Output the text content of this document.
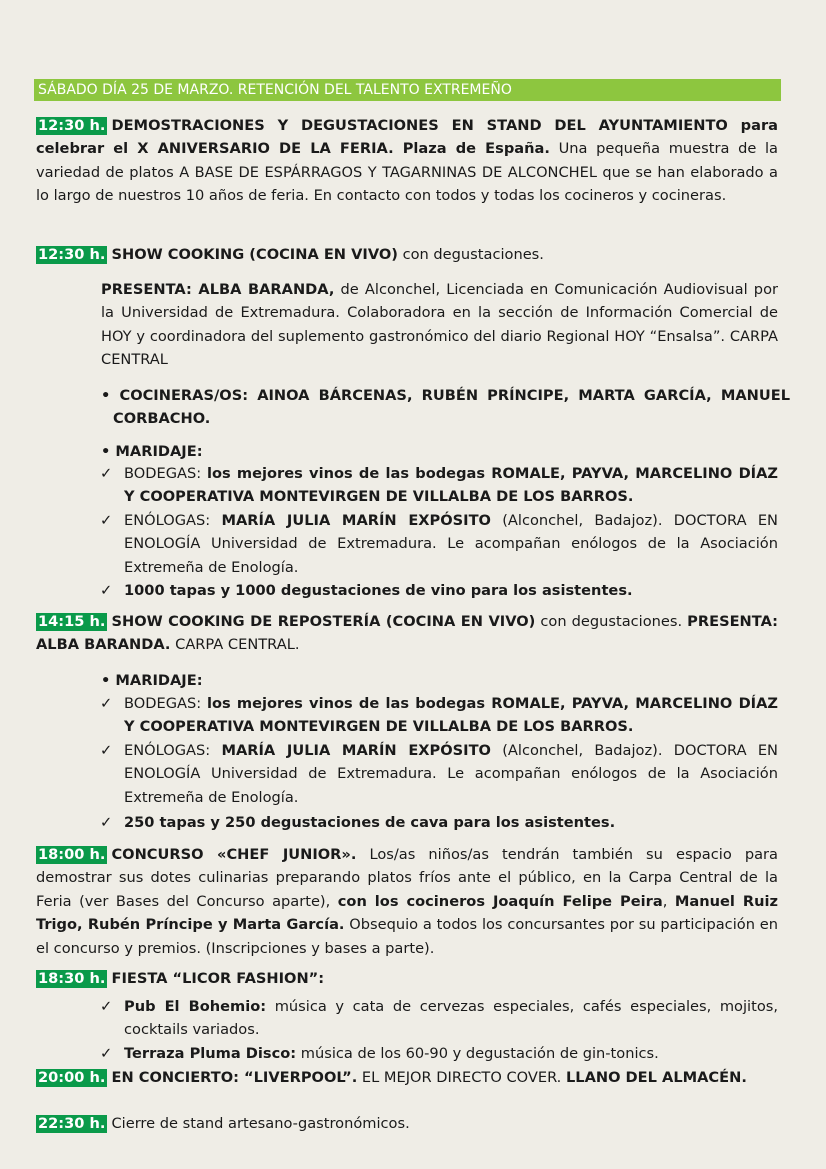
SÁBADO DÍA 25 DE MARZO. RETENCIÓN DEL TALENTO EXTREMEÑO
12:30 h. DEMOSTRACIONES Y DEGUSTACIONES EN STAND DEL AYUNTAMIENTO para celebrar el X ANIVERSARIO DE LA FERIA. Plaza de España. Una pequeña muestra de la variedad de platos A BASE DE ESPÁRRAGOS Y TAGARNINAS DE ALCONCHEL que se han elaborado a lo largo de nuestros 10 años de feria. En contacto con todos y todas los cocineros y cocineras.
12:30 h. SHOW COOKING (COCINA EN VIVO) con degustaciones.
PRESENTA: ALBA BARANDA, de Alconchel, Licenciada en Comunicación Audiovisual por la Universidad de Extremadura. Colaboradora en la sección de Información Comercial de HOY y coordinadora del suplemento gastronómico del diario Regional HOY “Ensalsa”. CARPA CENTRAL
• COCINERAS/OS: AINOA BÁRCENAS, RUBÉN PRÍNCIPE, MARTA GARCÍA, MANUEL CORBACHO.
• MARIDAJE:
✓ BODEGAS: los mejores vinos de las bodegas ROMALE, PAYVA, MARCELINO DÍAZ Y COOPERATIVA MONTEVIRGEN DE VILLALBA DE LOS BARROS.
✓ ENÓLOGAS: MARÍA JULIA MARÍN EXPÓSITO (Alconchel, Badajoz). DOCTORA EN ENOLOGÍA Universidad de Extremadura. Le acompañan enólogos de la Asociación Extremeña de Enología.
✓ 1000 tapas y 1000 degustaciones de vino para los asistentes.
14:15 h. SHOW COOKING DE REPOSTERÍA (COCINA EN VIVO) con degustaciones. PRESENTA: ALBA BARANDA. CARPA CENTRAL.
• MARIDAJE:
✓ BODEGAS: los mejores vinos de las bodegas ROMALE, PAYVA, MARCELINO DÍAZ Y COOPERATIVA MONTEVIRGEN DE VILLALBA DE LOS BARROS.
✓ ENÓLOGAS: MARÍA JULIA MARÍN EXPÓSITO (Alconchel, Badajoz). DOCTORA EN ENOLOGÍA Universidad de Extremadura. Le acompañan enólogos de la Asociación Extremeña de Enología.
✓ 250 tapas y 250 degustaciones de cava para los asistentes.
18:00 h. CONCURSO «CHEF JUNIOR». Los/as niños/as tendrán también su espacio para demostrar sus dotes culinarias preparando platos fríos ante el público, en la Carpa Central de la Feria (ver Bases del Concurso aparte), con los cocineros Joaquín Felipe Peira, Manuel Ruiz Trigo, Rubén Príncipe y Marta García. Obsequio a todos los concursantes por su participación en el concurso y premios. (Inscripciones y bases a parte).
18:30 h. FIESTA “LICOR FASHION”:
✓ Pub El Bohemio: música y cata de cervezas especiales, cafés especiales, mojitos, cocktails variados.
✓ Terraza Pluma Disco: música de los 60-90 y degustación de gin-tonics.
20:00 h. EN CONCIERTO: “LIVERPOOL”. EL MEJOR DIRECTO COVER. LLANO DEL ALMACÉN.
22:30 h. Cierre de stand artesano-gastronómicos.
